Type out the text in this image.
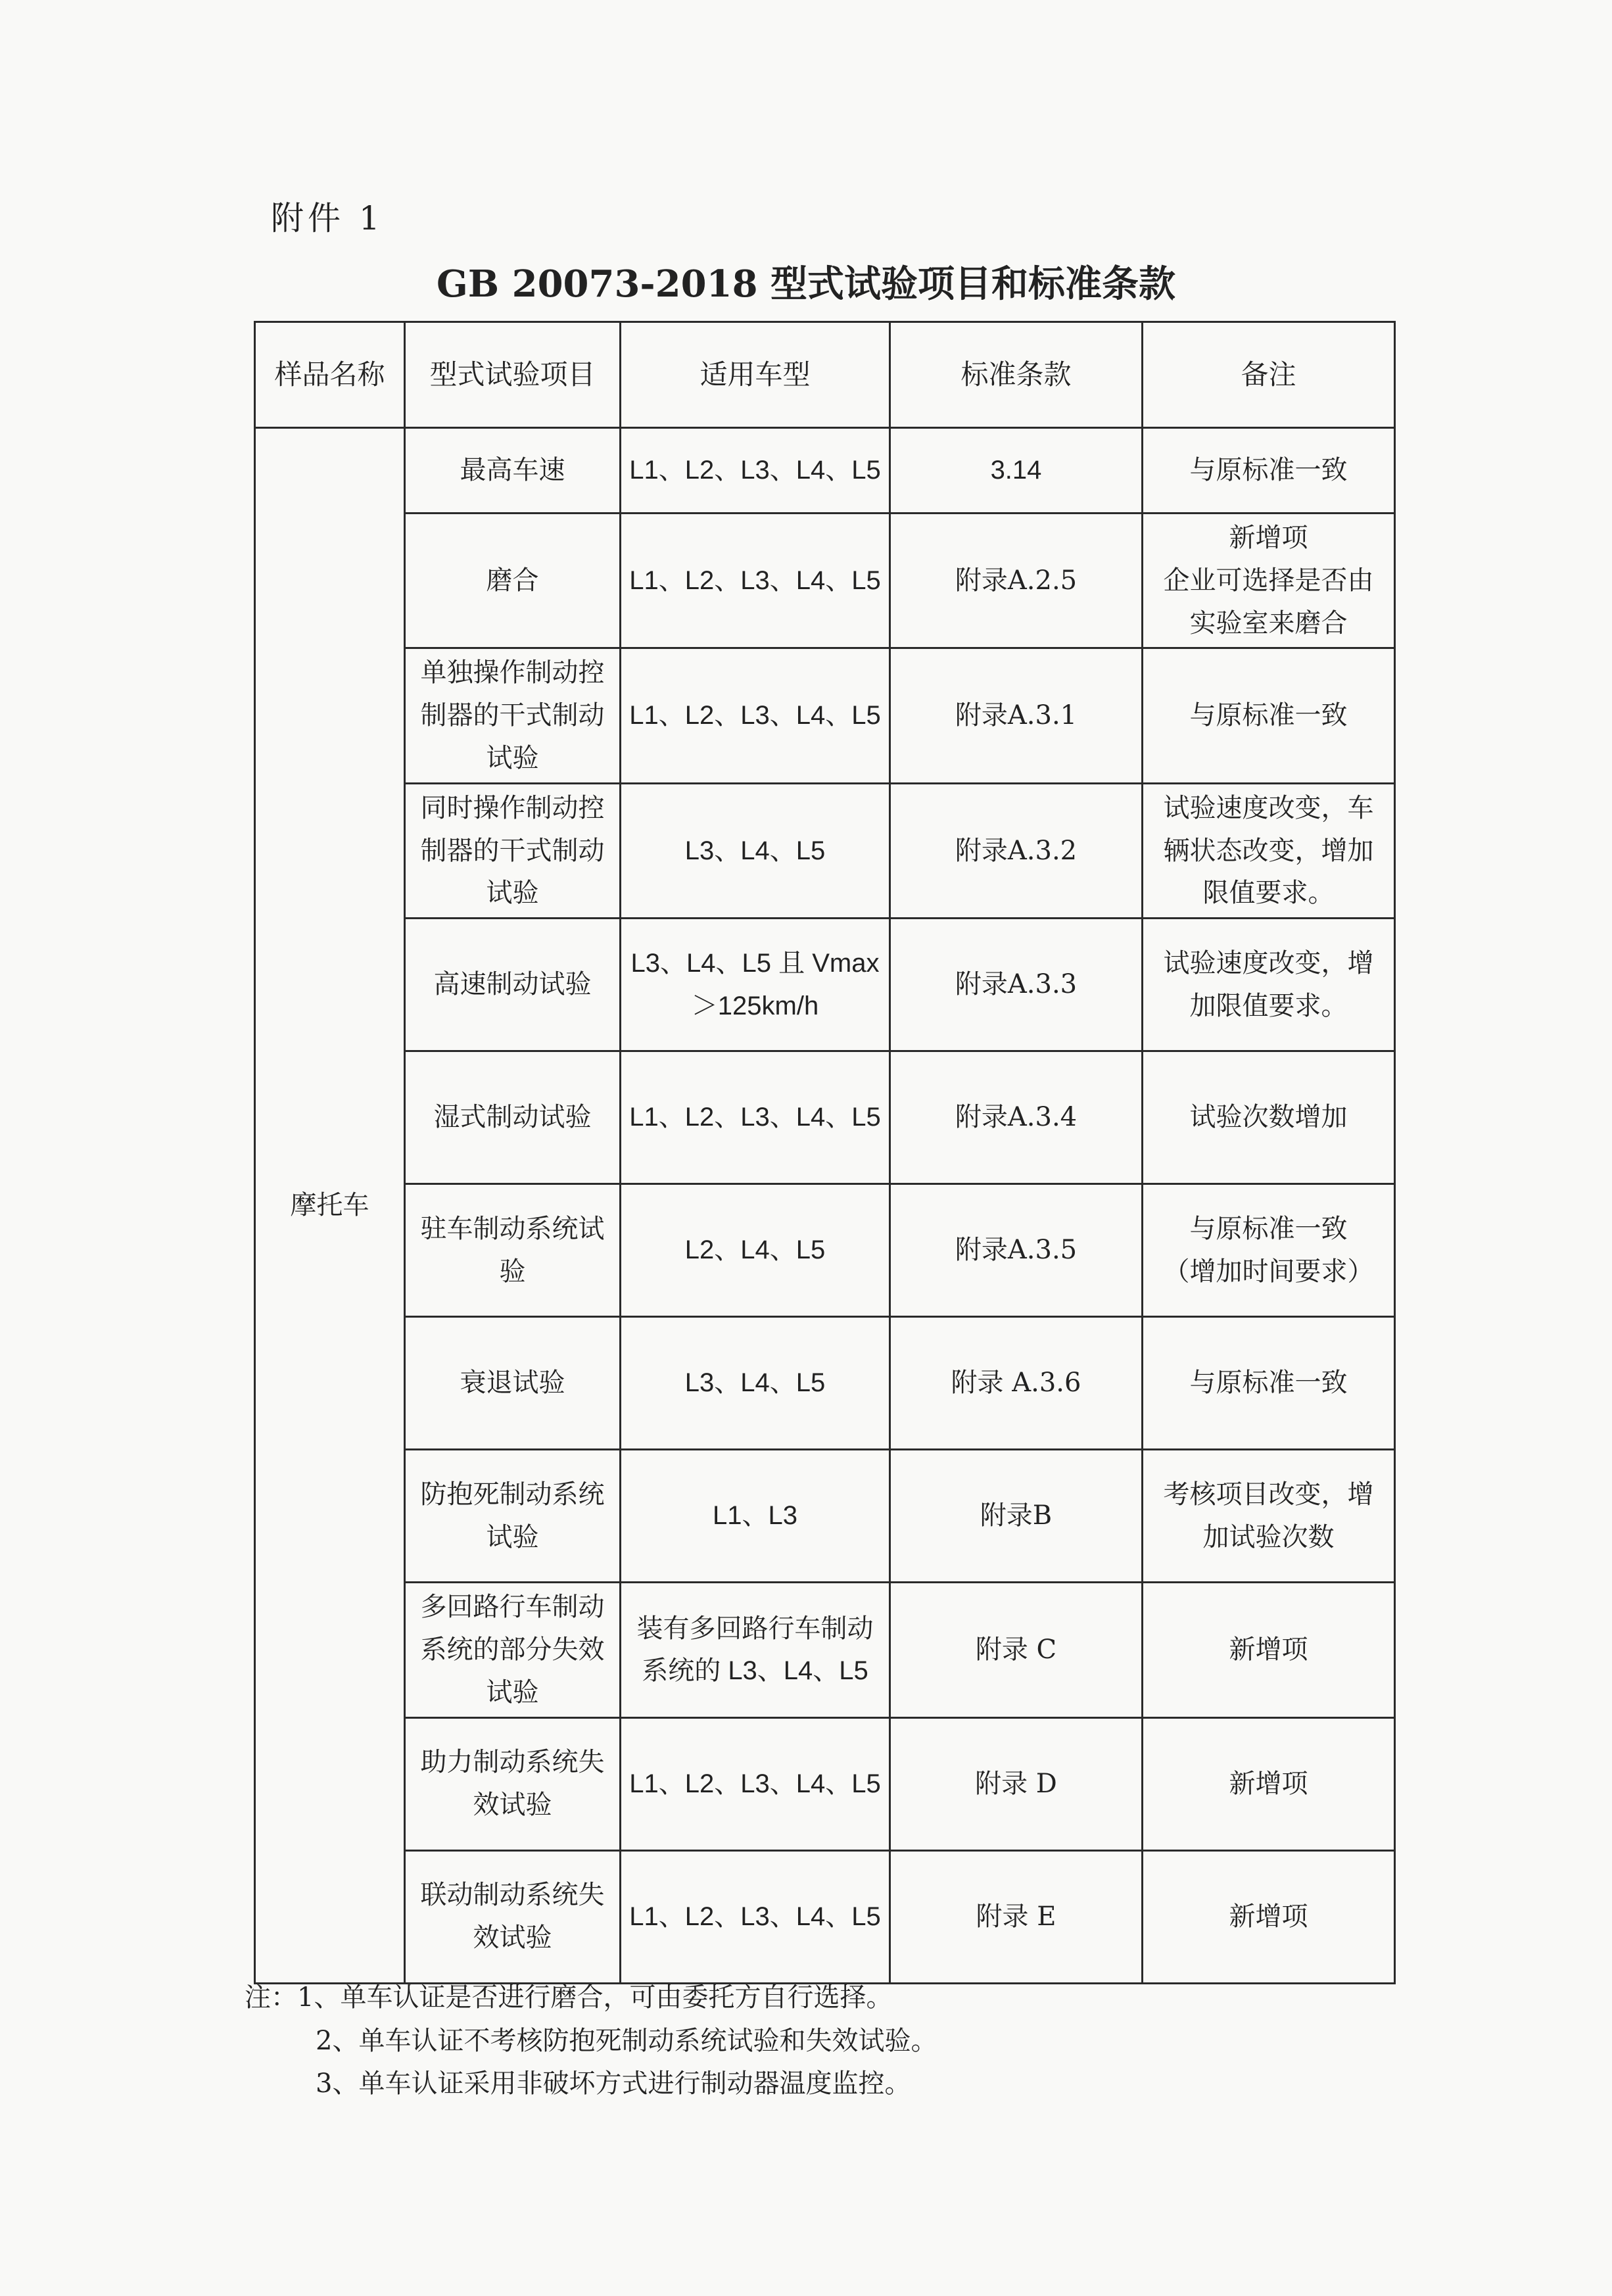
附件 1
GB 20073-2018 型式试验项目和标准条款
样品名称	型式试验项目	适用车型	标准条款	备注
摩托车	最高车速	L1、L2、L3、L4、L5	3.14	与原标准一致
	磨合	L1、L2、L3、L4、L5	附录A.2.5	新增项
企业可选择是否由实验室来磨合
	单独操作制动控制器的干式制动试验	L1、L2、L3、L4、L5	附录A.3.1	与原标准一致
	同时操作制动控制器的干式制动试验	L3、L4、L5	附录A.3.2	试验速度改变，车辆状态改变，增加限值要求。
	高速制动试验	L3、L4、L5 且 Vmax ＞125km/h	附录A.3.3	试验速度改变，增加限值要求。
	湿式制动试验	L1、L2、L3、L4、L5	附录A.3.4	试验次数增加
	驻车制动系统试验	L2、L4、L5	附录A.3.5	与原标准一致
（增加时间要求）
	衰退试验	L3、L4、L5	附录 A.3.6	与原标准一致
	防抱死制动系统试验	L1、L3	附录B	考核项目改变，增加试验次数
	多回路行车制动系统的部分失效试验	装有多回路行车制动系统的 L3、L4、L5	附录 C	新增项
	助力制动系统失效试验	L1、L2、L3、L4、L5	附录 D	新增项
	联动制动系统失效试验	L1、L2、L3、L4、L5	附录 E	新增项
注：1、单车认证是否进行磨合，可由委托方自行选择。
2、单车认证不考核防抱死制动系统试验和失效试验。
3、单车认证采用非破坏方式进行制动器温度监控。
